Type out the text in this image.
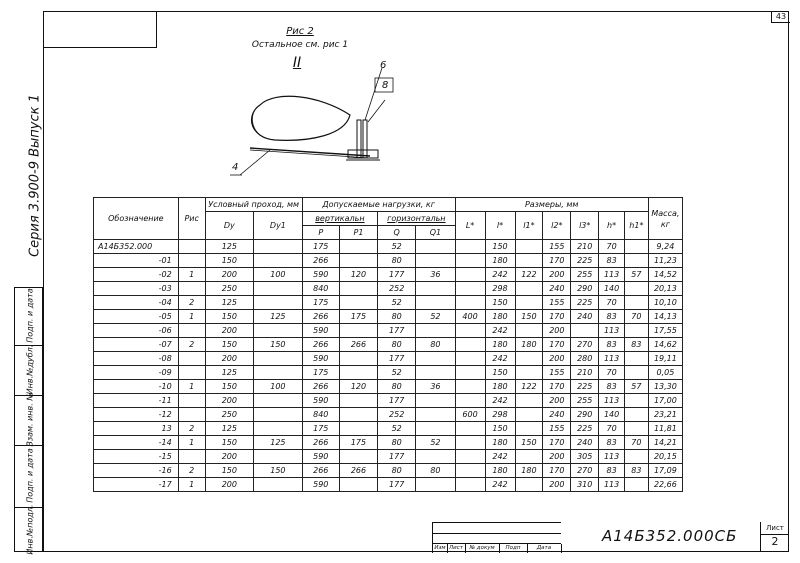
43
Серия 3.900-9 Выпуск 1
Подп. и дата
Инв.№дубл.
Взам. инв. №
Подп. и дата
Инв.№подл.
Рис 2
Остальное см. рис 1
II	6
8
4
Обозначение	Рис	Условный проход, мм		Допускаемые нагрузки, кг				Размеры, мм							Масса, кг
		Dу	Dу1	вертикальн		горизонтальн		L*	l*	l1*	l2*	l3*	h*	h1*	
				P	P1	Q	Q1								
А14Б352.000		125		175		52			150		155	210	70		9,24
-01		150		266		80			180		170	225	83		11,23
-02	1	200	100	590	120	177	36		242	122	200	255	113	57	14,52
-03		250		840		252			298		240	290	140		20,13
-04	2	125		175		52			150		155	225	70		10,10
-05	1	150	125	266	175	80	52	400	180	150	170	240	83	70	14,13
-06		200		590		177			242		200		113		17,55
-07	2	150	150	266	266	80	80		180	180	170	270	83	83	14,62
-08		200		590		177			242		200	280	113		19,11
-09		125		175		52			150		155	210	70		0,05
-10	1	150	100	266	120	80	36		180	122	170	225	83	57	13,30
-11		200		590		177			242		200	255	113		17,00
-12		250		840		252		600	298		240	290	140		23,21
13	2	125		175		52			150		155	225	70		11,81
-14	1	150	125	266	175	80	52		180	150	170	240	83	70	14,21
-15		200		590		177			242		200	305	113		20,15
-16	2	150	150	266	266	80	80		180	180	170	270	83	83	17,09
-17	1	200		590		177			242		200	310	113		22,66
Изм Лист	№ докум	Подп	Дата
А14Б352.000СБ	Лист
2
